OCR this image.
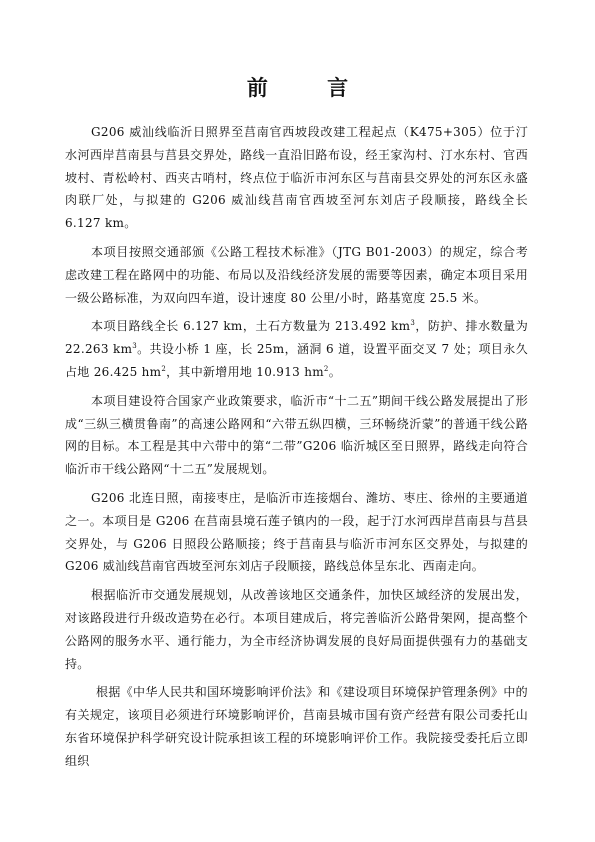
前 言

G206 威汕线临沂日照界至莒南官西坡段改建工程起点（K475+305）位于汀水河西岸莒南县与莒县交界处，路线一直沿旧路布设，经王家沟村、汀水东村、官西坡村、青松岭村、西夹古哨村，终点位于临沂市河东区与莒南县交界处的河东区永盛肉联厂处，与拟建的 G206 威汕线莒南官西坡至河东刘店子段顺接，路线全长 6.127 km。

本项目按照交通部颁《公路工程技术标准》（JTG B01-2003）的规定，综合考虑改建工程在路网中的功能、布局以及沿线经济发展的需要等因素，确定本项目采用一级公路标准，为双向四车道，设计速度 80 公里/小时，路基宽度 25.5 米。

本项目路线全长 6.127 km，土石方数量为 213.492 $km^3$，防护、排水数量为 22.263 $km^3$。共设小桥 1 座，长 25m，涵洞 6 道，设置平面交叉 7 处；项目永久占地 26.425 $hm^2$，其中新增用地 10.913 $hm^2$。

本项目建设符合国家产业政策要求，临沂市“十二五”期间干线公路发展提出了形成“三纵三横贯鲁南”的高速公路网和“六带五纵四横，三环畅绕沂蒙”的普通干线公路网的目标。本工程是其中六带中的第“二带”G206 临沂城区至日照界，路线走向符合临沂市干线公路网“十二五”发展规划。

G206 北连日照，南接枣庄，是临沂市连接烟台、潍坊、枣庄、徐州的主要通道之一。本项目是 G206 在莒南县境石莲子镇内的一段，起于汀水河西岸莒南县与莒县交界处，与 G206 日照段公路顺接；终于莒南县与临沂市河东区交界处，与拟建的 G206 威汕线莒南官西坡至河东刘店子段顺接，路线总体呈东北、西南走向。

根据临沂市交通发展规划，从改善该地区交通条件，加快区域经济的发展出发，对该路段进行升级改造势在必行。本项目建成后，将完善临沂公路骨架网，提高整个公路网的服务水平、通行能力，为全市经济协调发展的良好局面提供强有力的基础支持。

根据《中华人民共和国环境影响评价法》和《建设项目环境保护管理条例》中的有关规定，该项目必须进行环境影响评价，莒南县城市国有资产经营有限公司委托山东省环境保护科学研究设计院承担该工程的环境影响评价工作。我院接受委托后立即组织
